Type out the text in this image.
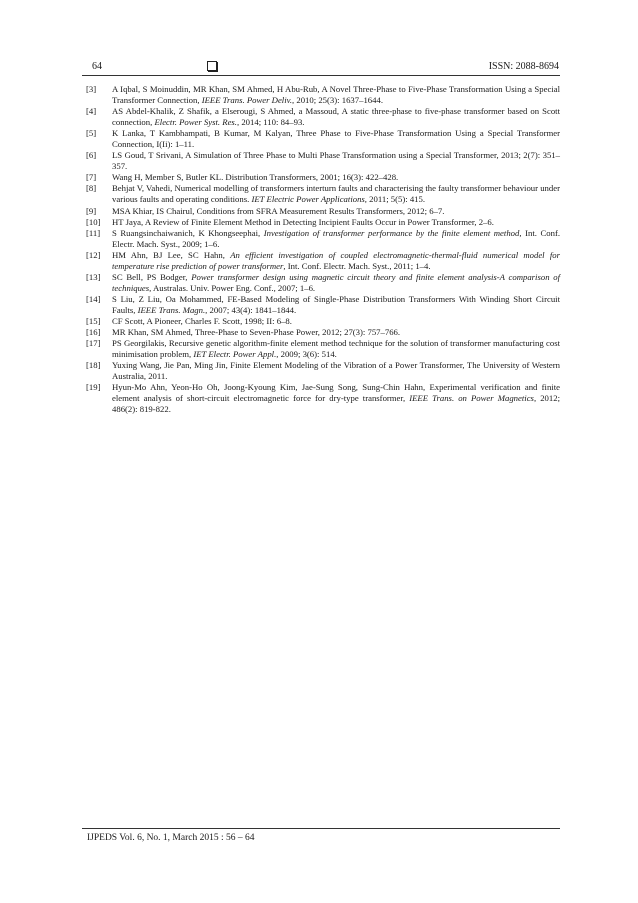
64	ISSN: 2088-8694
[3] A Iqbal, S Moinuddin, MR Khan, SM Ahmed, H Abu-Rub, A Novel Three-Phase to Five-Phase Transformation Using a Special Transformer Connection, IEEE Trans. Power Deliv., 2010; 25(3): 1637–1644.
[4] AS Abdel-Khalik, Z Shafik, a Elserougi, S Ahmed, a Massoud, A static three-phase to five-phase transformer based on Scott connection, Electr. Power Syst. Res., 2014; 110: 84–93.
[5] K Lanka, T Kambhampati, B Kumar, M Kalyan, Three Phase to Five-Phase Transformation Using a Special Transformer Connection, I(Ii): 1–11.
[6] LS Goud, T Srivani, A Simulation of Three Phase to Multi Phase Transformation using a Special Transformer, 2013; 2(7): 351–357.
[7] Wang H, Member S, Butler KL. Distribution Transformers, 2001; 16(3): 422–428.
[8] Behjat V, Vahedi, Numerical modelling of transformers interturn faults and characterising the faulty transformer behaviour under various faults and operating conditions. IET Electric Power Applications, 2011; 5(5): 415.
[9] MSA Khiar, IS Chairul, Conditions from SFRA Measurement Results Transformers, 2012; 6–7.
[10] HT Jaya, A Review of Finite Element Method in Detecting Incipient Faults Occur in Power Transformer, 2–6.
[11] S Ruangsinchaiwanich, K Khongseephai, Investigation of transformer performance by the finite element method, Int. Conf. Electr. Mach. Syst., 2009; 1–6.
[12] HM Ahn, BJ Lee, SC Hahn, An efficient investigation of coupled electromagnetic-thermal-fluid numerical model for temperature rise prediction of power transformer, Int. Conf. Electr. Mach. Syst., 2011; 1–4.
[13] SC Bell, PS Bodger, Power transformer design using magnetic circuit theory and finite element analysis-A comparison of techniques, Australas. Univ. Power Eng. Conf., 2007; 1–6.
[14] S Liu, Z Liu, Oa Mohammed, FE-Based Modeling of Single-Phase Distribution Transformers With Winding Short Circuit Faults, IEEE Trans. Magn., 2007; 43(4): 1841–1844.
[15] CF Scott, A Pioneer, Charles F. Scott, 1998; II: 6–8.
[16] MR Khan, SM Ahmed, Three-Phase to Seven-Phase Power, 2012; 27(3): 757–766.
[17] PS Georgilakis, Recursive genetic algorithm-finite element method technique for the solution of transformer manufacturing cost minimisation problem, IET Electr. Power Appl., 2009; 3(6): 514.
[18] Yuxing Wang, Jie Pan, Ming Jin, Finite Element Modeling of the Vibration of a Power Transformer, The University of Western Australia, 2011.
[19] Hyun-Mo Ahn, Yeon-Ho Oh, Joong-Kyoung Kim, Jae-Sung Song, Sung-Chin Hahn, Experimental verification and finite element analysis of short-circuit electromagnetic force for dry-type transformer, IEEE Trans. on Power Magnetics, 2012; 486(2): 819-822.
IJPEDS Vol. 6, No. 1, March 2015 : 56 – 64
